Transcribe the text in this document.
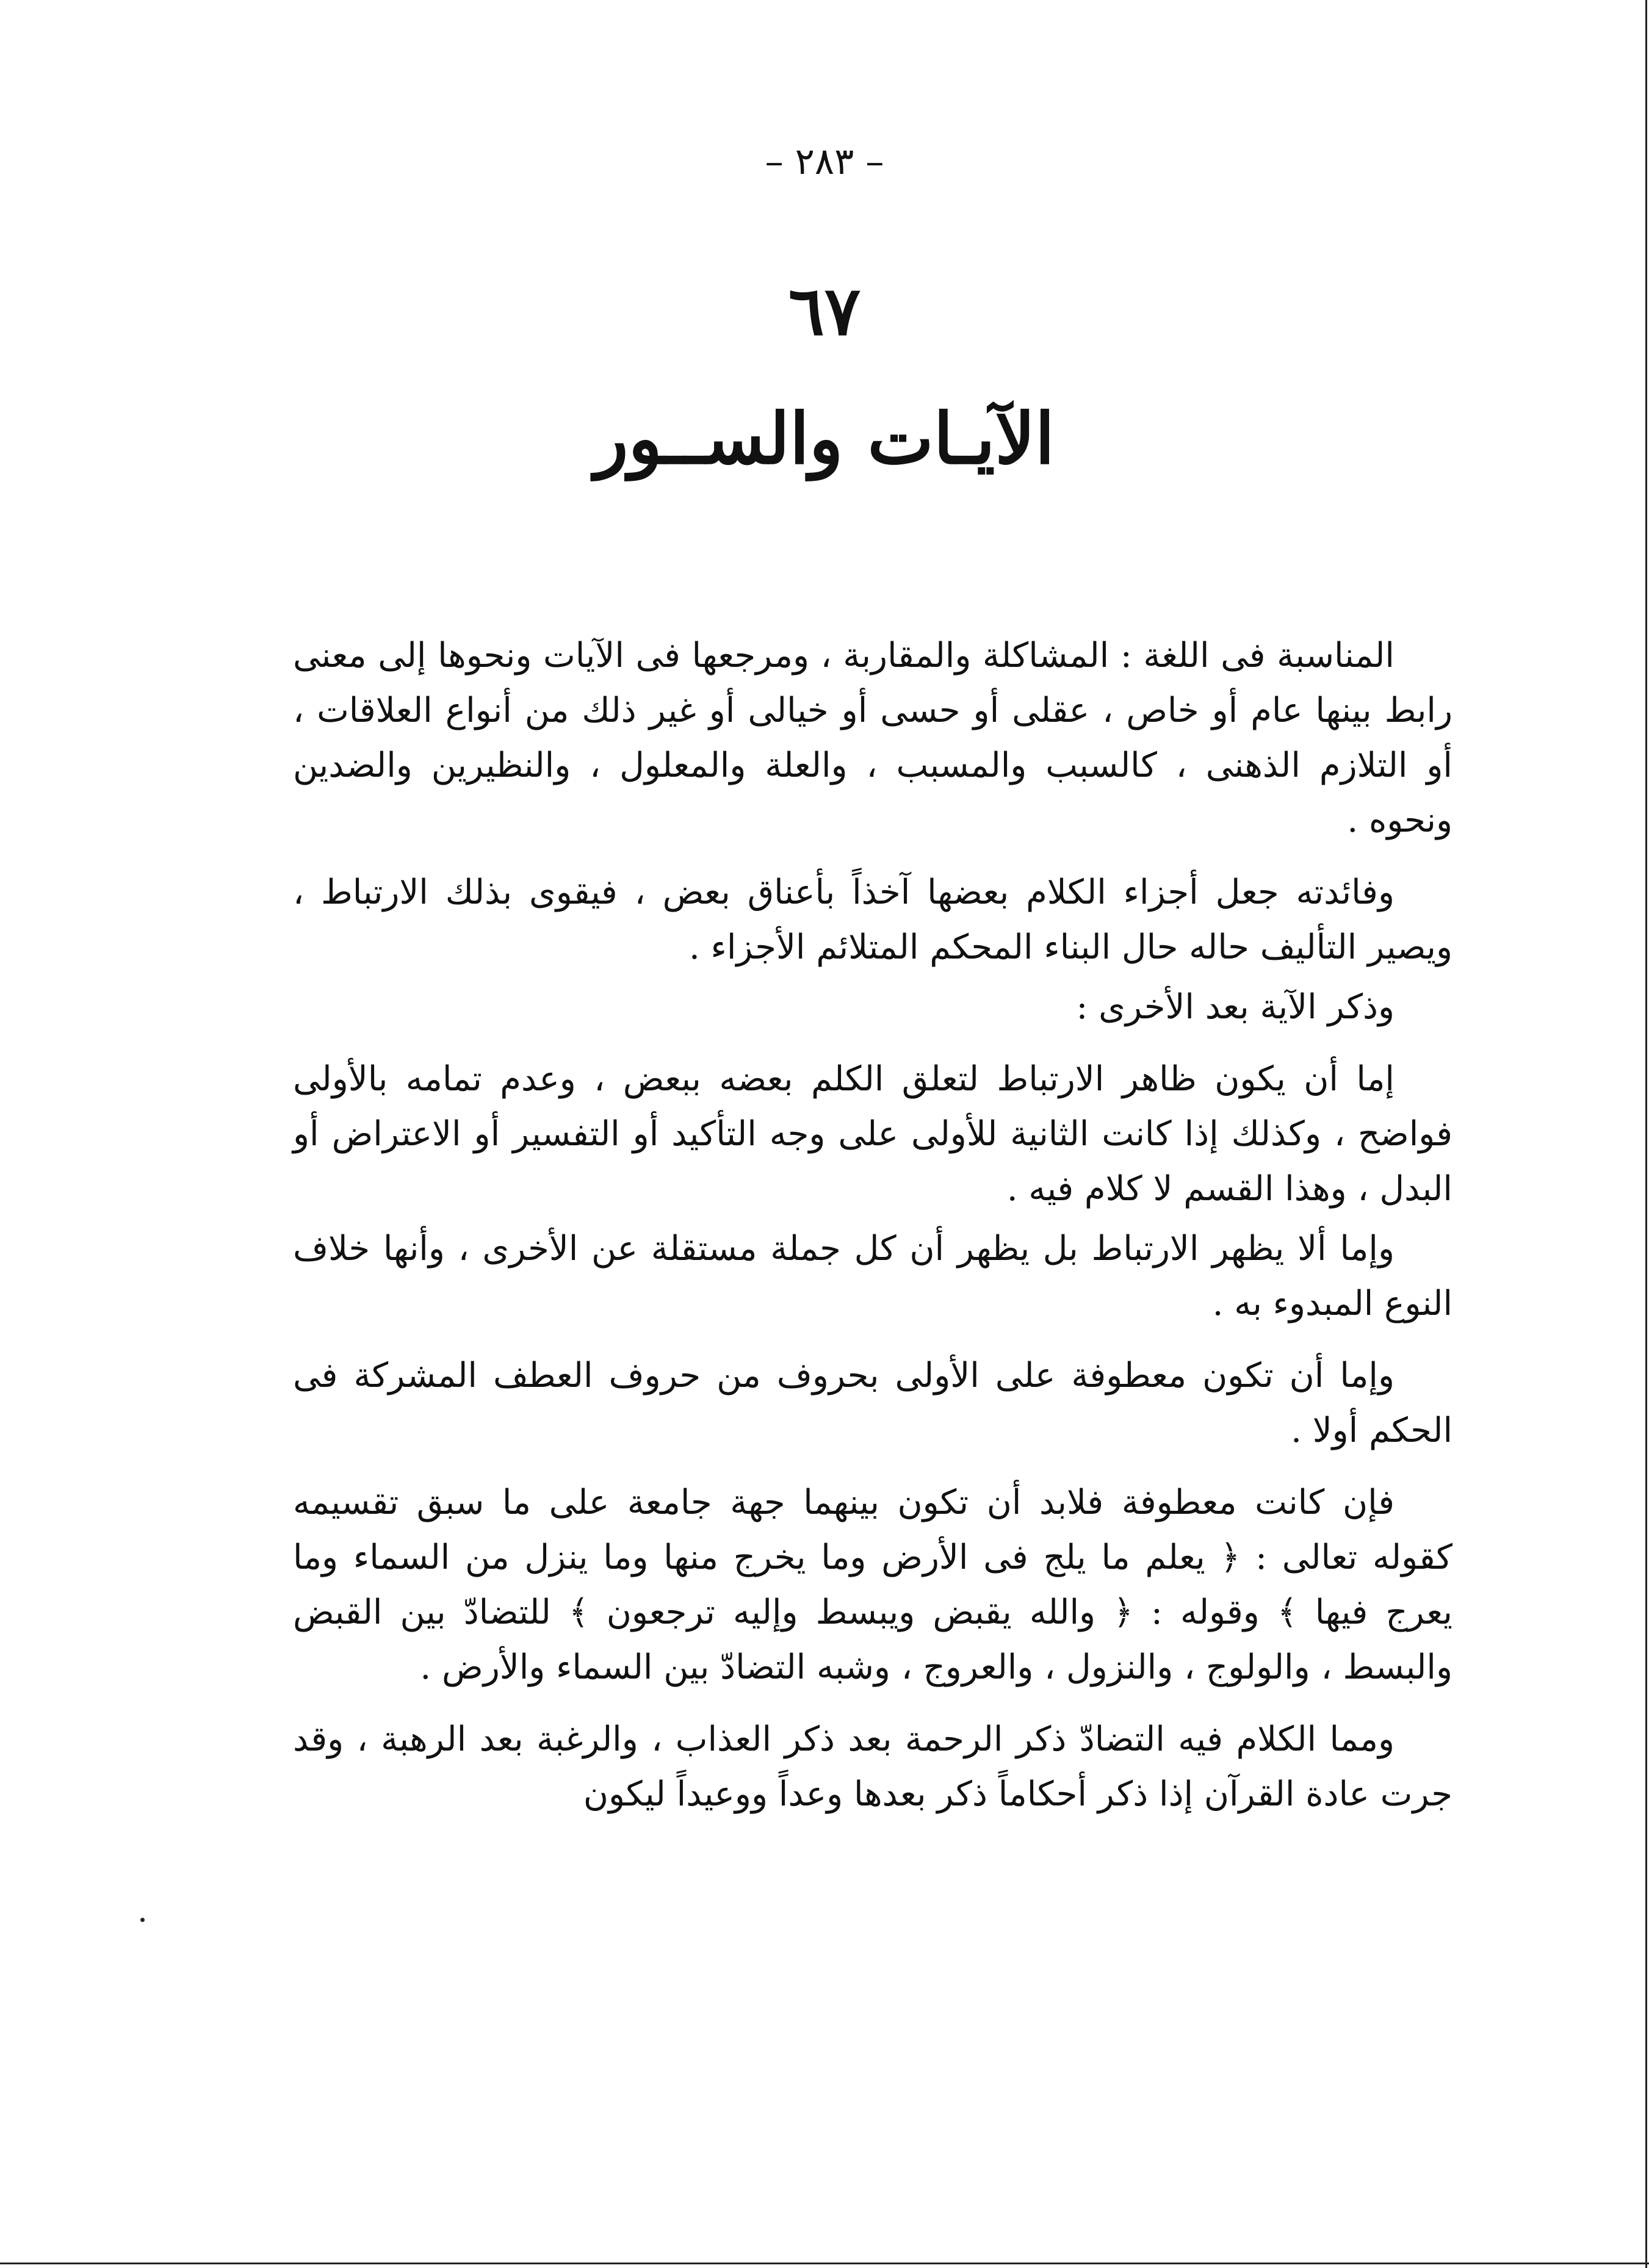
– ٢٨٣ –
٦٧
الآيـات والســور

المناسبة فى اللغة : المشاكلة والمقاربة ، ومرجعها فى الآيات ونحوها إلى معنى رابط بينها عام أو خاص ، عقلى أو حسى أو خيالى أو غير ذلك من أنواع العلاقات ، أو التلازم الذهنى ، كالسبب والمسبب ، والعلة والمعلول ، والنظيرين والضدين ونحوه .

وفائدته جعل أجزاء الكلام بعضها آخذاً بأعناق بعض ، فيقوى بذلك الارتباط ، ويصير التأليف حاله حال البناء المحكم المتلائم الأجزاء .

وذكر الآية بعد الأخرى :

إما أن يكون ظاهر الارتباط لتعلق الكلم بعضه ببعض ، وعدم تمامه بالأولى فواضح ، وكذلك إذا كانت الثانية للأولى على وجه التأكيد أو التفسير أو الاعتراض أو البدل ، وهذا القسم لا كلام فيه .

وإما ألا يظهر الارتباط بل يظهر أن كل جملة مستقلة عن الأخرى ، وأنها خلاف النوع المبدوء به .

وإما أن تكون معطوفة على الأولى بحروف من حروف العطف المشركة فى الحكم أولا .

فإن كانت معطوفة فلابد أن تكون بينهما جهة جامعة على ما سبق تقسيمه كقوله تعالى : ﴿ يعلم ما يلج فى الأرض وما يخرج منها وما ينزل من السماء وما يعرج فيها ﴾ وقوله : ﴿ والله يقبض ويبسط وإليه ترجعون ﴾ للتضادّ بين القبض والبسط ، والولوج ، والنزول ، والعروج ، وشبه التضادّ بين السماء والأرض .

ومما الكلام فيه التضادّ ذكر الرحمة بعد ذكر العذاب ، والرغبة بعد الرهبة ، وقد جرت عادة القرآن إذا ذكر أحكاماً ذكر بعدها وعداً ووعيداً ليكون
